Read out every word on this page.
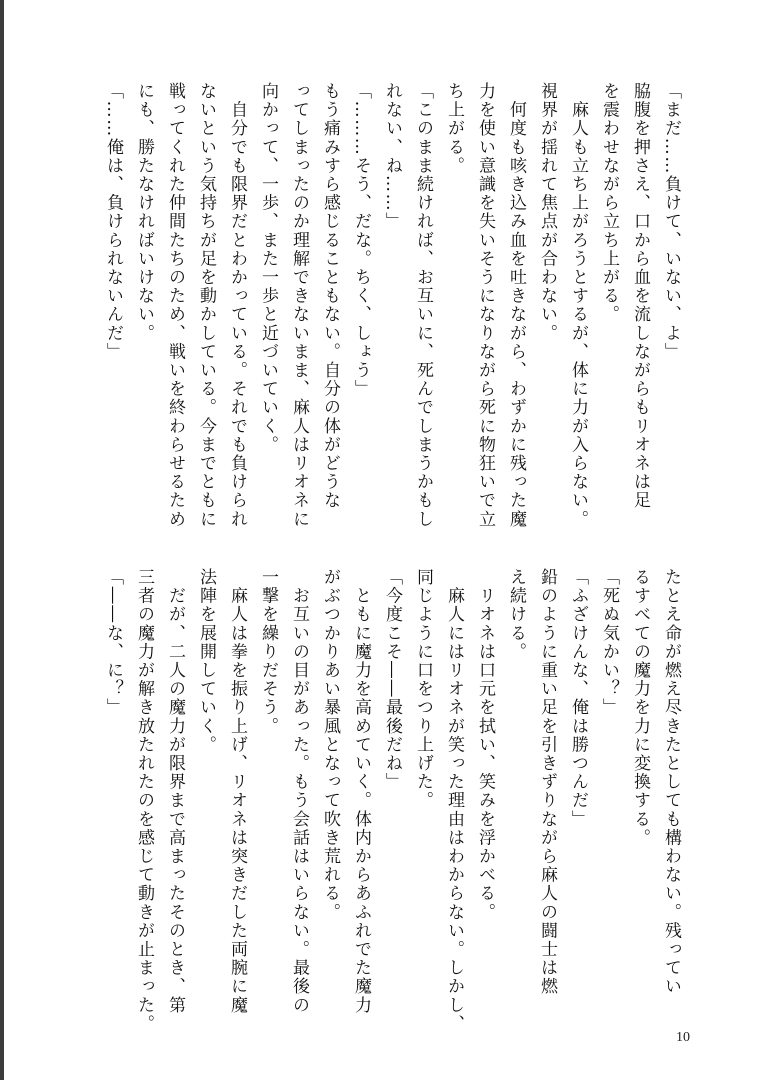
「まだ……負けて、いない、よ」
脇腹を押さえ、口から血を流しながらもリオネは足
を震わせながら立ち上がる。
　麻人も立ち上がろうとするが、体に力が入らない。
視界が揺れて焦点が合わない。
　何度も咳き込み血を吐きながら、わずかに残った魔
力を使い意識を失いそうになりながら死に物狂いで立
ち上がる。
「このまま続ければ、お互いに、死んでしまうかもし
れない、ね……」
「………そう、だな。ちく、しょう」
もう痛みすら感じることもない。自分の体がどうな
ってしまったのか理解できないまま、麻人はリオネに
向かって、一歩、また一歩と近づいていく。
　自分でも限界だとわかっている。それでも負けられ
ないという気持ちが足を動かしている。今までともに
戦ってくれた仲間たちのため、戦いを終わらせるため
にも、勝たなければいけない。
「……俺は、負けられないんだ」
たとえ命が燃え尽きたとしても構わない。残ってい
るすべての魔力を力に変換する。
「死ぬ気かい？」
「ふざけんな、俺は勝つんだ」
鉛のように重い足を引きずりながら麻人の闘士は燃
え続ける。
　リオネは口元を拭い、笑みを浮かべる。
　麻人にはリオネが笑った理由はわからない。しかし、
同じように口をつり上げた。
「今度こそ――最後だね」
　ともに魔力を高めていく。体内からあふれでた魔力
がぶつかりあい暴風となって吹き荒れる。
　お互いの目があった。もう会話はいらない。最後の
一撃を繰りだそう。
　麻人は拳を振り上げ、リオネは突きだした両腕に魔
法陣を展開していく。
　だが、二人の魔力が限界まで高まったそのとき、第
三者の魔力が解き放たれたのを感じて動きが止まった。
「――な、に？」
10
